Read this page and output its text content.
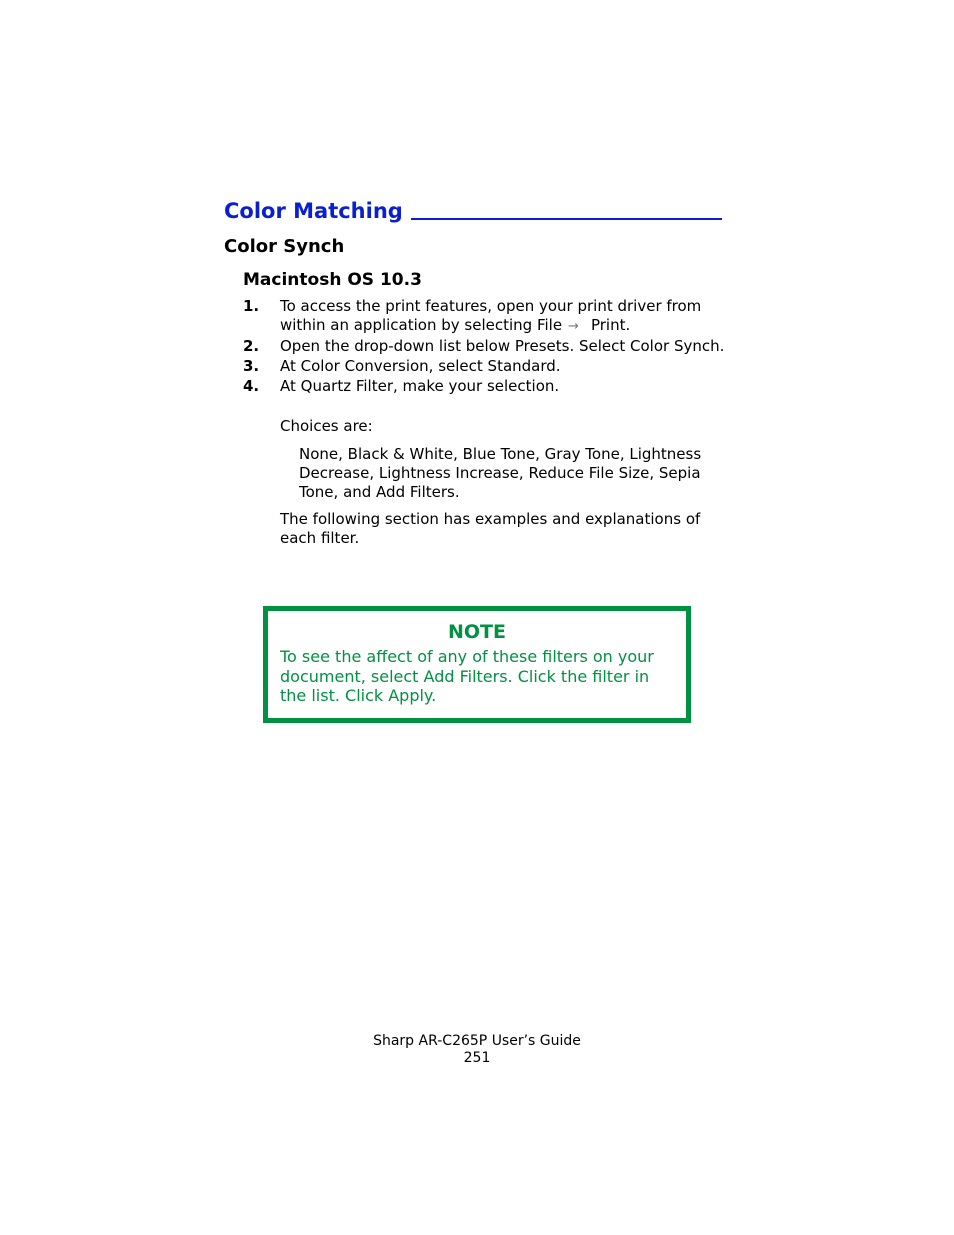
Color Matching
Color Synch
Macintosh OS 10.3
1. To access the print features, open your print driver from within an application by selecting File → Print.
2. Open the drop-down list below Presets. Select Color Synch.
3. At Color Conversion, select Standard.
4. At Quartz Filter, make your selection.

Choices are:

None, Black & White, Blue Tone, Gray Tone, Lightness Decrease, Lightness Increase, Reduce File Size, Sepia Tone, and Add Filters.

The following section has examples and explanations of each filter.

NOTE
To see the affect of any of these filters on your document, select Add Filters. Click the filter in the list. Click Apply.
Sharp AR-C265P User’s Guide
251
